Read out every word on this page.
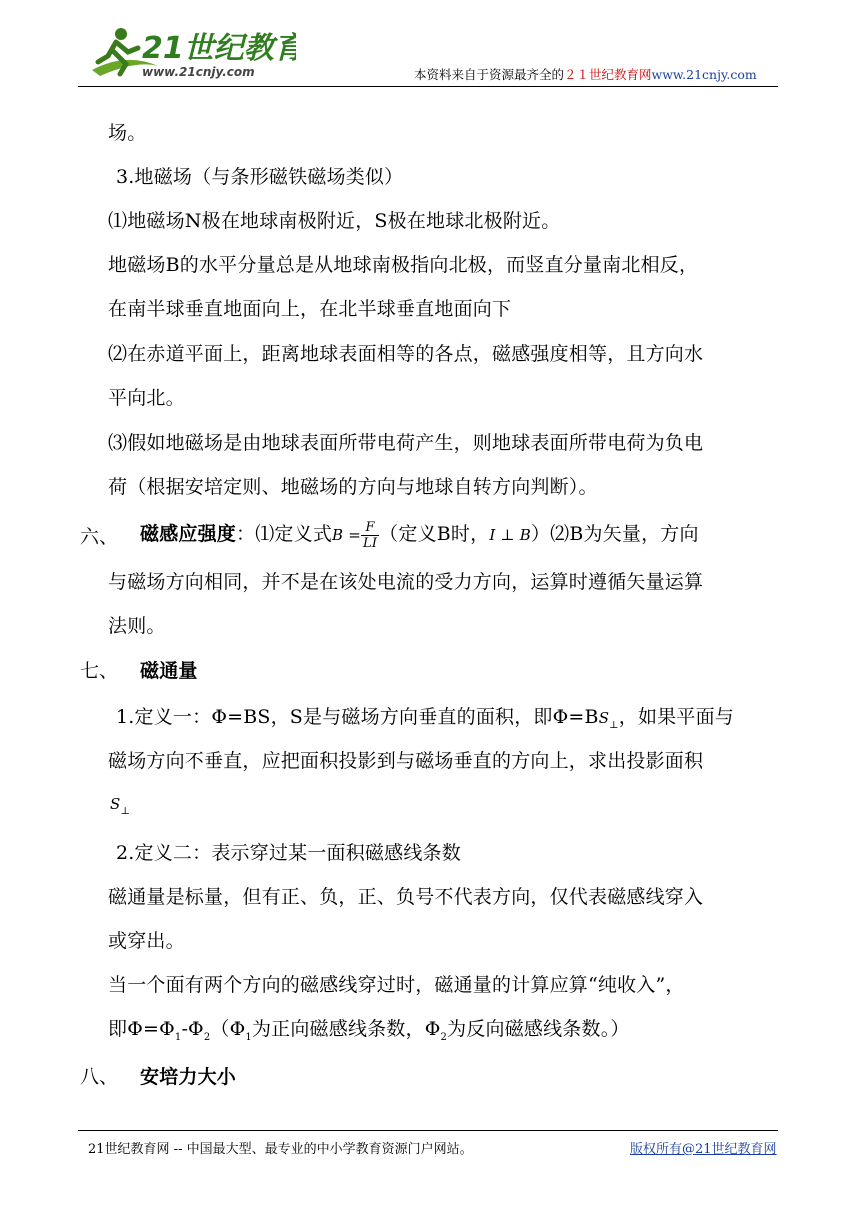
21世纪教育
www.21cnjy.com	本资料来自于资源最齐全的２１世纪教育网www.21cnjy.com
场。
3.地磁场（与条形磁铁磁场类似）
⑴地磁场N极在地球南极附近，S极在地球北极附近。
地磁场B的水平分量总是从地球南极指向北极，而竖直分量南北相反，
在南半球垂直地面向上，在北半球垂直地面向下
⑵在赤道平面上，距离地球表面相等的各点，磁感强度相等，且方向水
平向北。
⑶假如地磁场是由地球表面所带电荷产生，则地球表面所带电荷为负电
荷（根据安培定则、地磁场的方向与地球自转方向判断）。
六、 磁感应强度：⑴定义式$B = \frac{F}{LI}$ （定义B时，I ⊥ B）⑵B为矢量，方向
与磁场方向相同，并不是在该处电流的受力方向，运算时遵循矢量运算
法则。
七、 磁通量
1.定义一：Φ=BS，S是与磁场方向垂直的面积，即$\Phi=BS_\perp$，如果平面与
磁场方向不垂直，应把面积投影到与磁场垂直的方向上，求出投影面积
$S_\perp$
2.定义二：表示穿过某一面积磁感线条数
磁通量是标量，但有正、负，正、负号不代表方向，仅代表磁感线穿入
或穿出。
当一个面有两个方向的磁感线穿过时，磁通量的计算应算“纯收入”，
即$\Phi=\Phi_1-\Phi_2(\Phi_1$为正向磁感线条数，$\Phi_2$为反向磁感线条数。）
八、 安培力大小
21世纪教育网 -- 中国最大型、最专业的中小学教育资源门户网站。	版权所有@21世纪教育网
